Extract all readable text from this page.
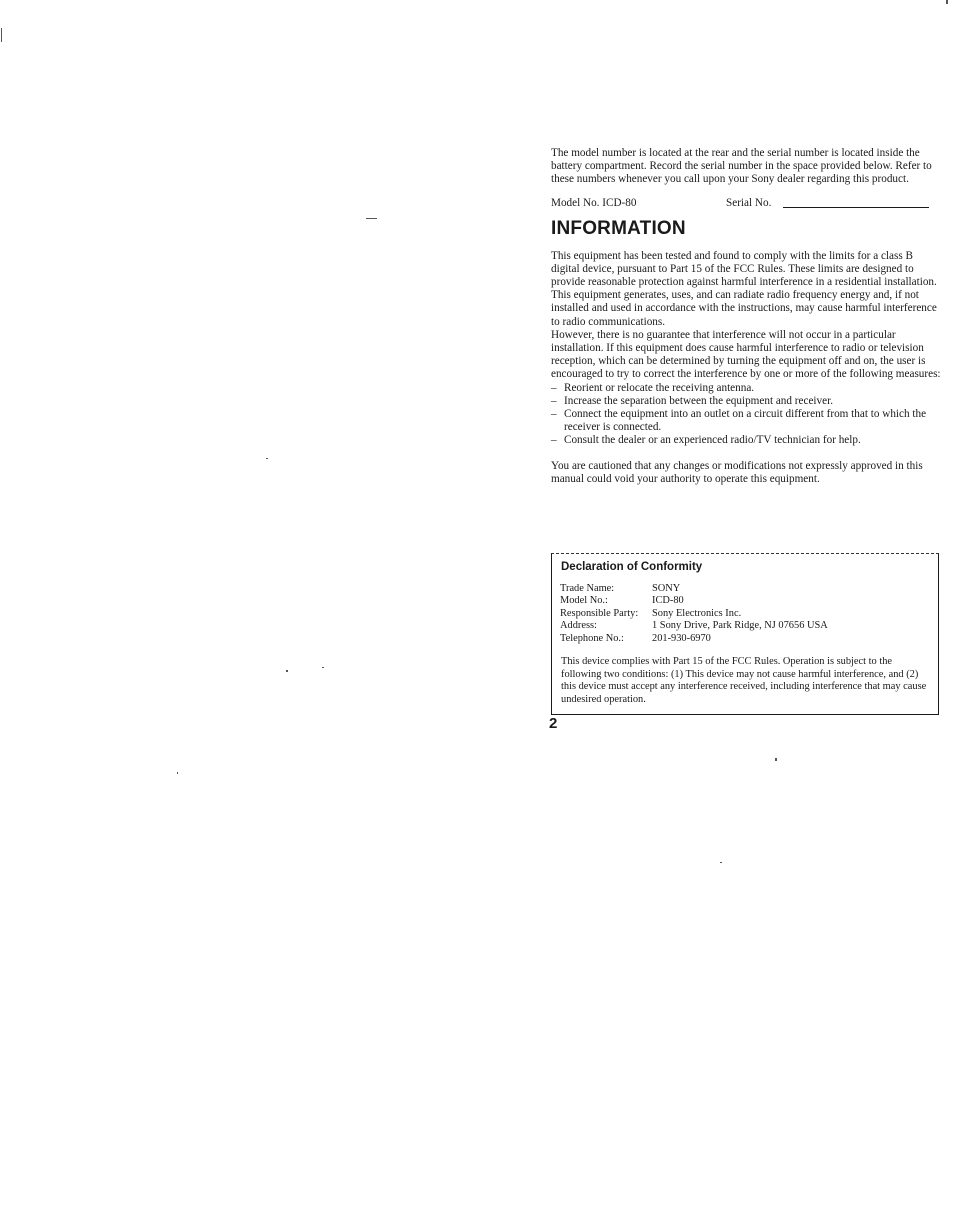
The model number is located at the rear and the serial number is located inside the battery compartment. Record the serial number in the space provided below. Refer to these numbers whenever you call upon your Sony dealer regarding this product.

Model No. ICD-80	Serial No.
INFORMATION

This equipment has been tested and found to comply with the limits for a class B digital device, pursuant to Part 15 of the FCC Rules. These limits are designed to provide reasonable protection against harmful interference in a residential installation. This equipment generates, uses, and can radiate radio frequency energy and, if not installed and used in accordance with the instructions, may cause harmful interference to radio communications.

However, there is no guarantee that interference will not occur in a particular installation. If this equipment does cause harmful interference to radio or television reception, which can be determined by turning the equipment off and on, the user is encouraged to try to correct the interference by one or more of the following measures:

– Reorient or relocate the receiving antenna.
– Increase the separation between the equipment and receiver.
– Connect the equipment into an outlet on a circuit different from that to which the receiver is connected.
– Consult the dealer or an experienced radio/TV technician for help.

You are cautioned that any changes or modifications not expressly approved in this manual could void your authority to operate this equipment.

Declaration of Conformity
Trade Name:	SONY
Model No.:	ICD-80
Responsible Party:	Sony Electronics Inc.
Address:	1 Sony Drive, Park Ridge, NJ 07656 USA
Telephone No.:	201-930-6970

This device complies with Part 15 of the FCC Rules. Operation is subject to the following two conditions: (1) This device may not cause harmful interference, and (2) this device must accept any interference received, including interference that may cause undesired operation.

2
